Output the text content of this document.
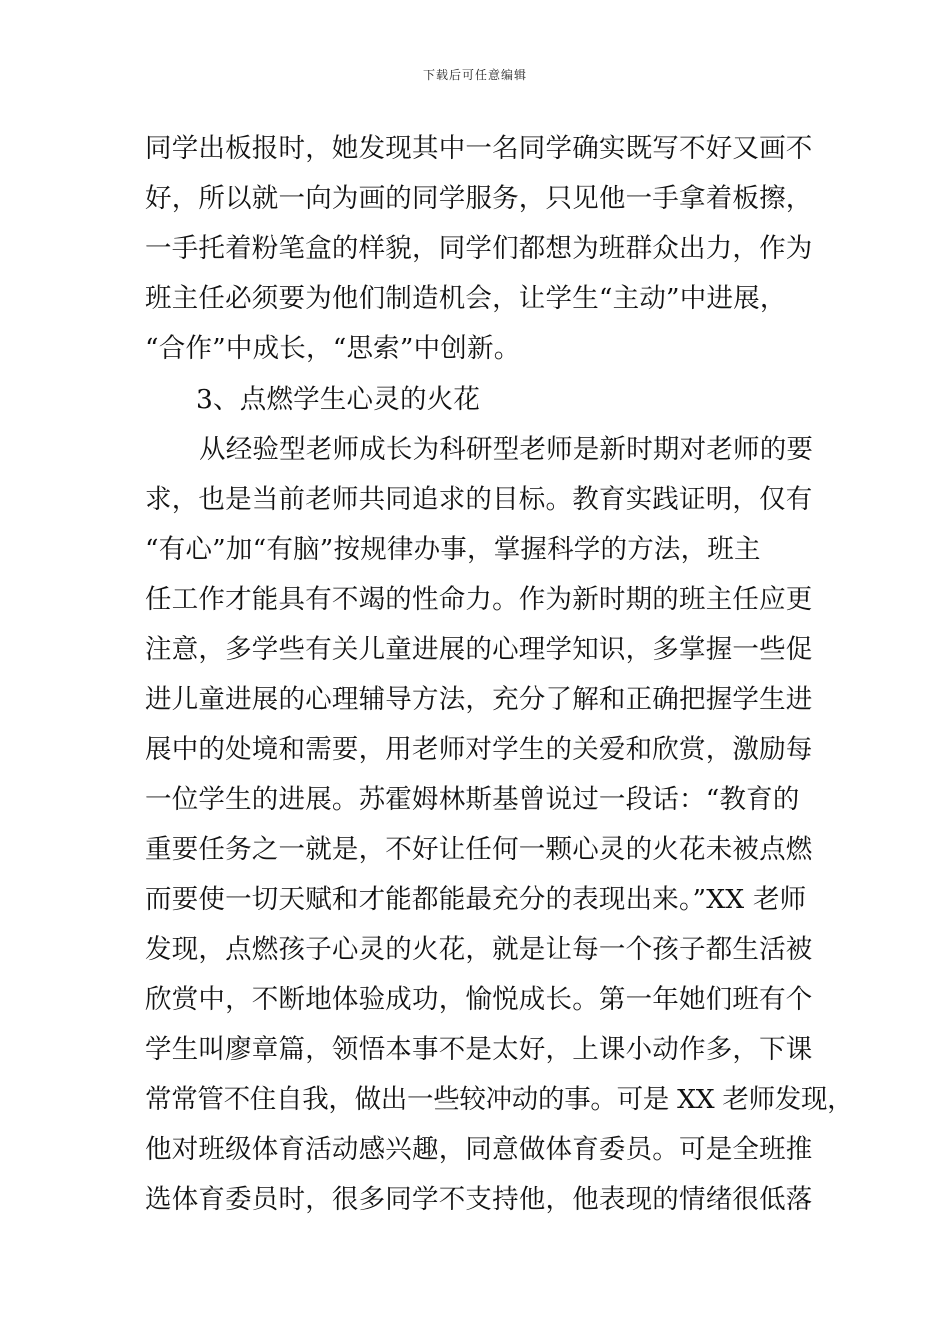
下载后可任意编辑
同学出板报时，她发现其中一名同学确实既写不好又画不
好，所以就一向为画的同学服务，只见他一手拿着板擦，
一手托着粉笔盒的样貌，同学们都想为班群众出力，作为
班主任必须要为他们制造机会，让学生“主动”中进展，
“合作”中成长，“思索”中创新。
3、点燃学生心灵的火花
从经验型老师成长为科研型老师是新时期对老师的要
求，也是当前老师共同追求的目标。教育实践证明，仅有
“有心”加“有脑”按规律办事，掌握科学的方法，班主
任工作才能具有不竭的性命力。作为新时期的班主任应更
注意，多学些有关儿童进展的心理学知识，多掌握一些促
进儿童进展的心理辅导方法，充分了解和正确把握学生进
展中的处境和需要，用老师对学生的关爱和欣赏，激励每
一位学生的进展。苏霍姆林斯基曾说过一段话：“教育的
重要任务之一就是，不好让任何一颗心灵的火花未被点燃
而要使一切天赋和才能都能最充分的表现出来。”XX 老师
发现，点燃孩子心灵的火花，就是让每一个孩子都生活被
欣赏中，不断地体验成功，愉悦成长。第一年她们班有个
学生叫廖章篇，领悟本事不是太好，上课小动作多，下课
常常管不住自我，做出一些较冲动的事。可是 XX 老师发现，
他对班级体育活动感兴趣，同意做体育委员。可是全班推
选体育委员时，很多同学不支持他，他表现的情绪很低落
